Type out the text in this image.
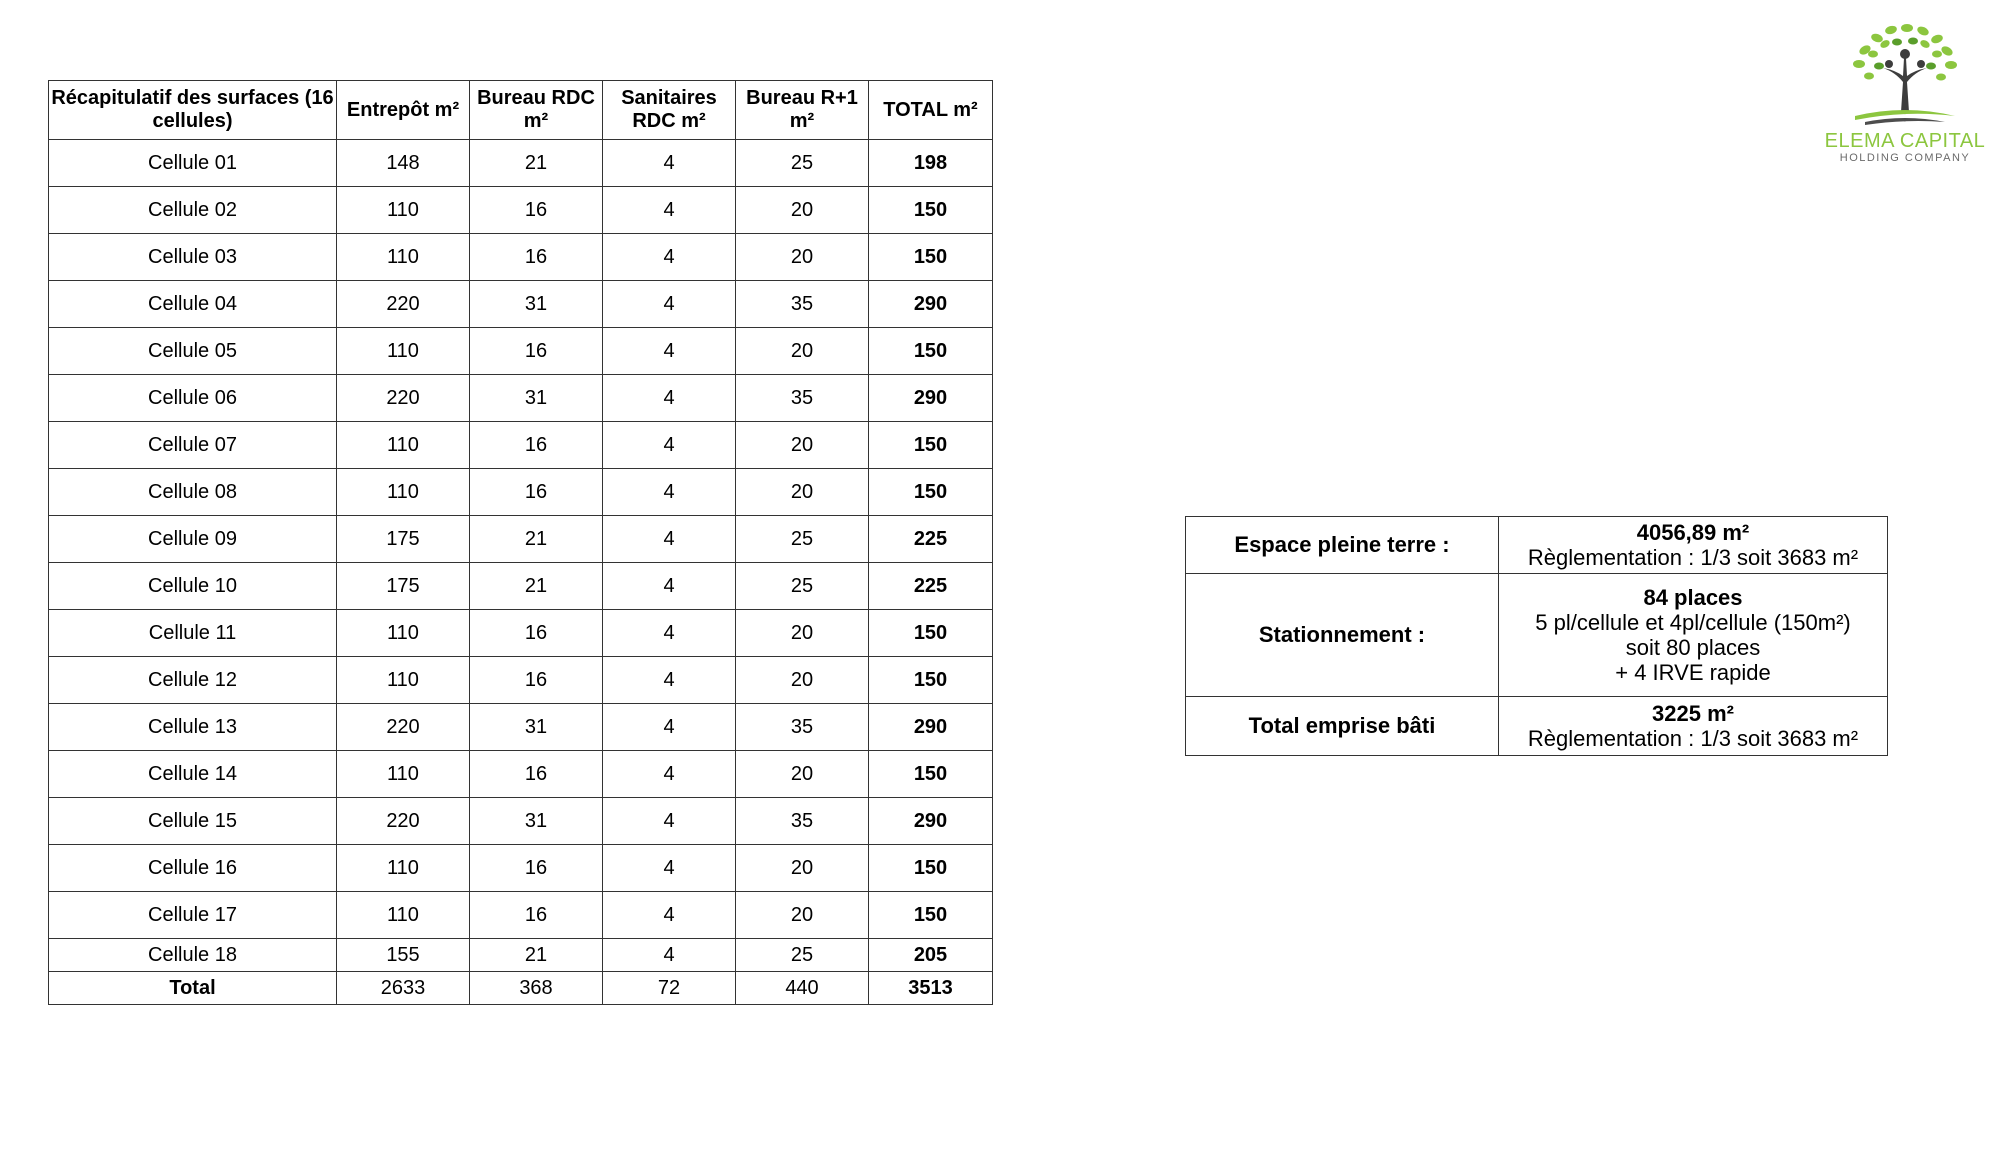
Récapitulatif des surfaces (16 cellules)	Entrepôt m²	Bureau RDC m²	Sanitaires RDC m²	Bureau R+1 m²	TOTAL m²
Cellule 01	148	21	4	25	198
Cellule 02	110	16	4	20	150
Cellule 03	110	16	4	20	150
Cellule 04	220	31	4	35	290
Cellule 05	110	16	4	20	150
Cellule 06	220	31	4	35	290
Cellule 07	110	16	4	20	150
Cellule 08	110	16	4	20	150
Cellule 09	175	21	4	25	225
Cellule 10	175	21	4	25	225
Cellule 11	110	16	4	20	150
Cellule 12	110	16	4	20	150
Cellule 13	220	31	4	35	290
Cellule 14	110	16	4	20	150
Cellule 15	220	31	4	35	290
Cellule 16	110	16	4	20	150
Cellule 17	110	16	4	20	150
Cellule 18	155	21	4	25	205
Total	2633	368	72	440	3513
Espace pleine terre :	4056,89 m²
Règlementation : 1/3 soit 3683 m²

Stationnement :	84 places
5 pl/cellule et 4pl/cellule (150m²)
soit 80 places
+ 4 IRVE rapide

Total emprise bâti	3225 m²
Règlementation : 1/3 soit 3683 m²
ELEMA CAPITAL
HOLDING COMPANY
